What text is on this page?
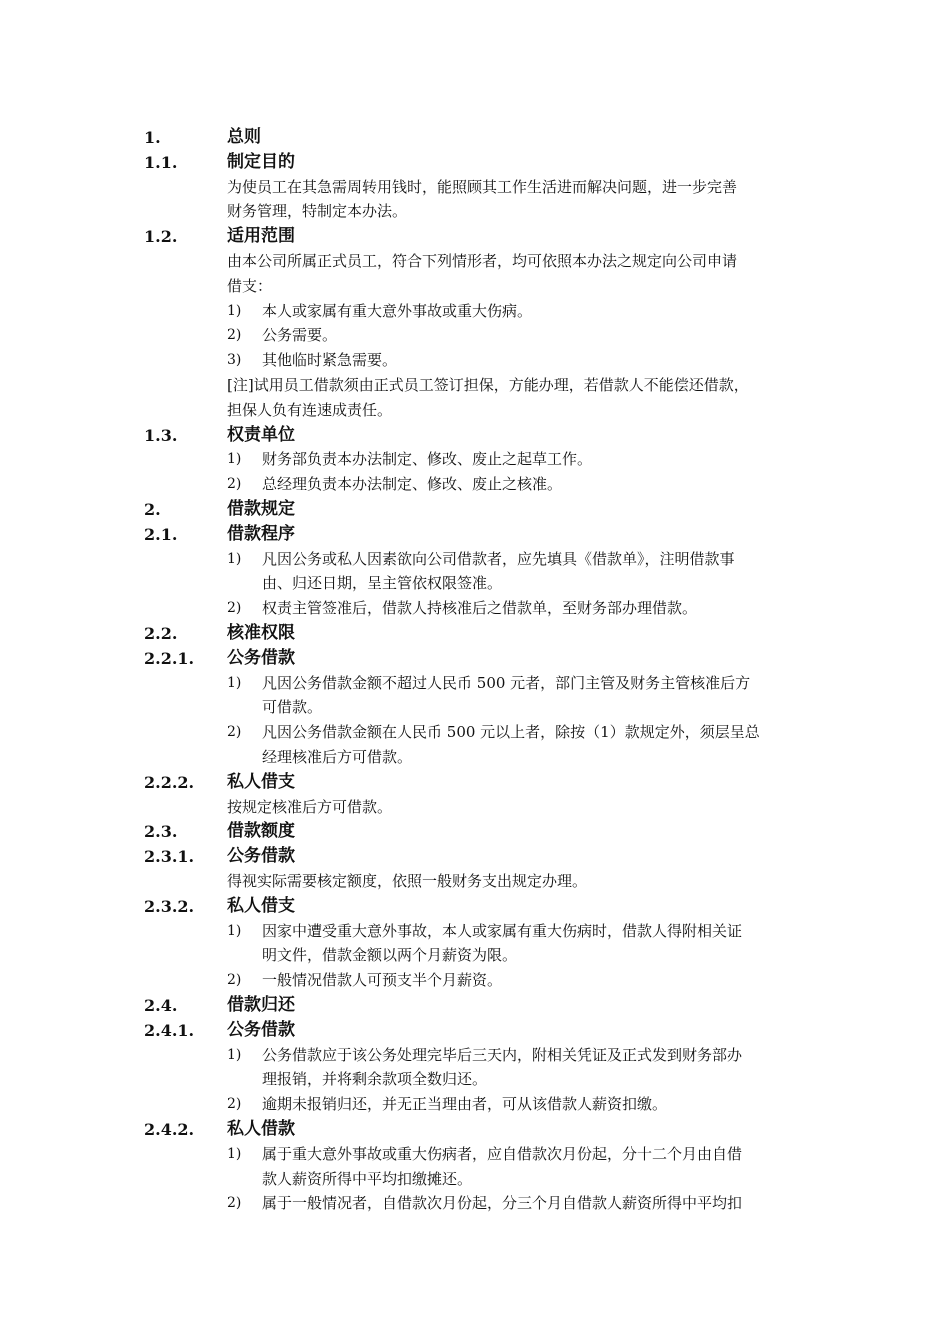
1.	总则
1.1.	制定目的
为使员工在其急需周转用钱时，能照顾其工作生活进而解决问题，进一步完善
财务管理，特制定本办法。
1.2.	适用范围
由本公司所属正式员工，符合下列情形者，均可依照本办法之规定向公司申请
借支：
1) 本人或家属有重大意外事故或重大伤病。
2) 公务需要。
3) 其他临时紧急需要。
[注]试用员工借款须由正式员工签订担保，方能办理，若借款人不能偿还借款，
担保人负有连速成责任。
1.3.	权责单位
1) 财务部负责本办法制定、修改、废止之起草工作。
2) 总经理负责本办法制定、修改、废止之核准。
2.	借款规定
2.1.	借款程序
1) 凡因公务或私人因素欲向公司借款者，应先填具《借款单》，注明借款事
由、归还日期，呈主管依权限签准。
2) 权责主管签准后，借款人持核准后之借款单，至财务部办理借款。
2.2.	核准权限
2.2.1. 公务借款
1) 凡因公务借款金额不超过人民币 500 元者，部门主管及财务主管核准后方
可借款。
2) 凡因公务借款金额在人民币 500 元以上者，除按（1）款规定外，须层呈总
经理核准后方可借款。
2.2.2. 私人借支
按规定核准后方可借款。
2.3.	借款额度
2.3.1. 公务借款
得视实际需要核定额度，依照一般财务支出规定办理。
2.3.2. 私人借支
1) 因家中遭受重大意外事故，本人或家属有重大伤病时，借款人得附相关证
明文件，借款金额以两个月薪资为限。
2) 一般情况借款人可预支半个月薪资。
2.4.	借款归还
2.4.1. 公务借款
1) 公务借款应于该公务处理完毕后三天内，附相关凭证及正式发到财务部办
理报销，并将剩余款项全数归还。
2) 逾期未报销归还，并无正当理由者，可从该借款人薪资扣缴。
2.4.2. 私人借款
1) 属于重大意外事故或重大伤病者，应自借款次月份起，分十二个月由自借
款人薪资所得中平均扣缴摊还。
2) 属于一般情况者，自借款次月份起，分三个月自借款人薪资所得中平均扣
